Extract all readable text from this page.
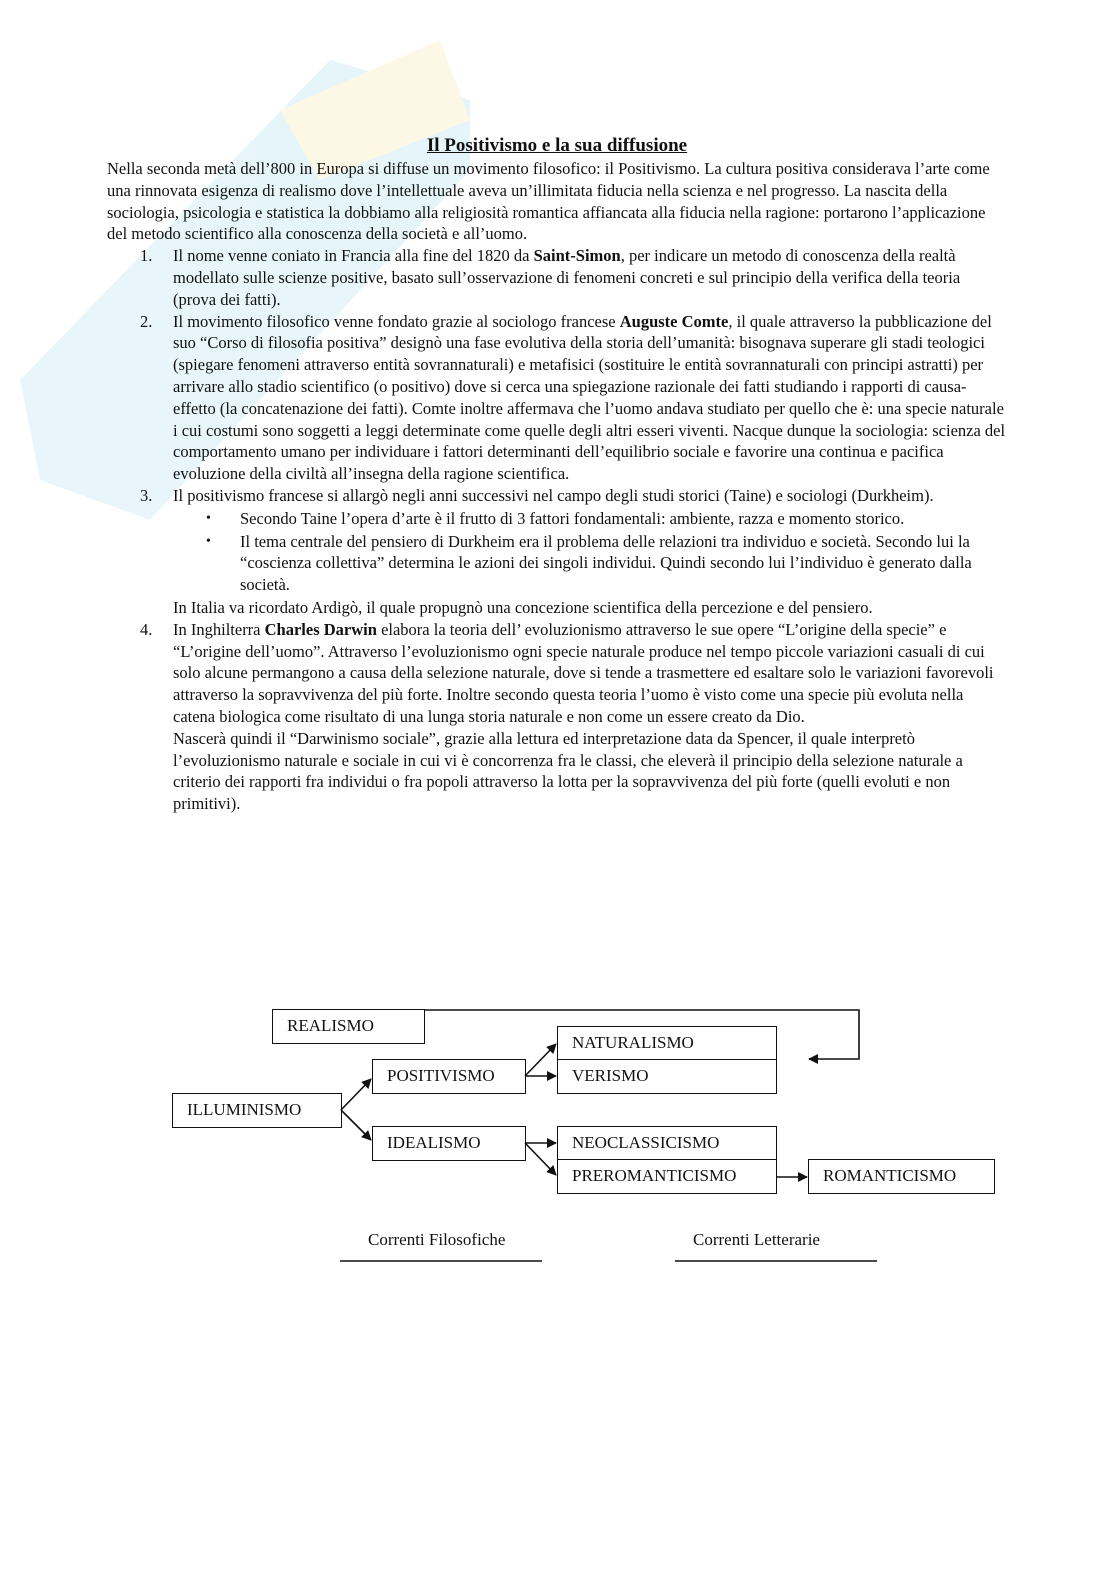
Il Positivismo e la sua diffusione

Nella seconda metà dell’800 in Europa si diffuse un movimento filosofico: il Positivismo. La cultura positiva considerava l’arte come una rinnovata esigenza di realismo dove l’intellettuale aveva un’illimitata fiducia nella scienza e nel progresso. La nascita della sociologia, psicologia e statistica la dobbiamo alla religiosità romantica affiancata alla fiducia nella ragione: portarono l’applicazione del metodo scientifico alla conoscenza della società e all’uomo.

1. Il nome venne coniato in Francia alla fine del 1820 da Saint-Simon, per indicare un metodo di conoscenza della realtà modellato sulle scienze positive, basato sull’osservazione di fenomeni concreti e sul principio della verifica della teoria (prova dei fatti).
2. Il movimento filosofico venne fondato grazie al sociologo francese Auguste Comte, il quale attraverso la pubblicazione del suo “Corso di filosofia positiva” designò una fase evolutiva della storia dell’umanità: bisognava superare gli stadi teologici (spiegare fenomeni attraverso entità sovrannaturali) e metafisici (sostituire le entità sovrannaturali con principi astratti) per arrivare allo stadio scientifico (o positivo) dove si cerca una spiegazione razionale dei fatti studiando i rapporti di causa-effetto (la concatenazione dei fatti). Comte inoltre affermava che l’uomo andava studiato per quello che è: una specie naturale i cui costumi sono soggetti a leggi determinate come quelle degli altri esseri viventi. Nacque dunque la sociologia: scienza del comportamento umano per individuare i fattori determinanti dell’equilibrio sociale e favorire una continua e pacifica evoluzione della civiltà all’insegna della ragione scientifica.
3. Il positivismo francese si allargò negli anni successivi nel campo degli studi storici (Taine) e sociologi (Durkheim).
• Secondo Taine l’opera d’arte è il frutto di 3 fattori fondamentali: ambiente, razza e momento storico.
• Il tema centrale del pensiero di Durkheim era il problema delle relazioni tra individuo e società. Secondo lui la “coscienza collettiva” determina le azioni dei singoli individui. Quindi secondo lui l’individuo è generato dalla società.

In Italia va ricordato Ardigò, il quale propugnò una concezione scientifica della percezione e del pensiero.

4. In Inghilterra Charles Darwin elabora la teoria dell’ evoluzionismo attraverso le sue opere “L’origine della specie” e “L’origine dell’uomo”. Attraverso l’evoluzionismo ogni specie naturale produce nel tempo piccole variazioni casuali di cui solo alcune permangono a causa della selezione naturale, dove si tende a trasmettere ed esaltare solo le variazioni favorevoli attraverso la sopravvivenza del più forte. Inoltre secondo questa teoria l’uomo è visto come una specie più evoluta nella catena biologica come risultato di una lunga storia naturale e non come un essere creato da Dio.

Nascerà quindi il “Darwinismo sociale”, grazie alla lettura ed interpretazione data da Spencer, il quale interpretò l’evoluzionismo naturale e sociale in cui vi è concorrenza fra le classi, che eleverà il principio della selezione naturale a criterio dei rapporti fra individui o fra popoli attraverso la lotta per la sopravvivenza del più forte (quelli evoluti e non primitivi).

REALISMO
ILLUMINISMO
POSITIVISMO
IDEALISMO
NATURALISMO
VERISMO
NEOCLASSICISMO
PREROMANTICISMO	ROMANTICISMO
Correnti Filosofiche	Correnti Letterarie
